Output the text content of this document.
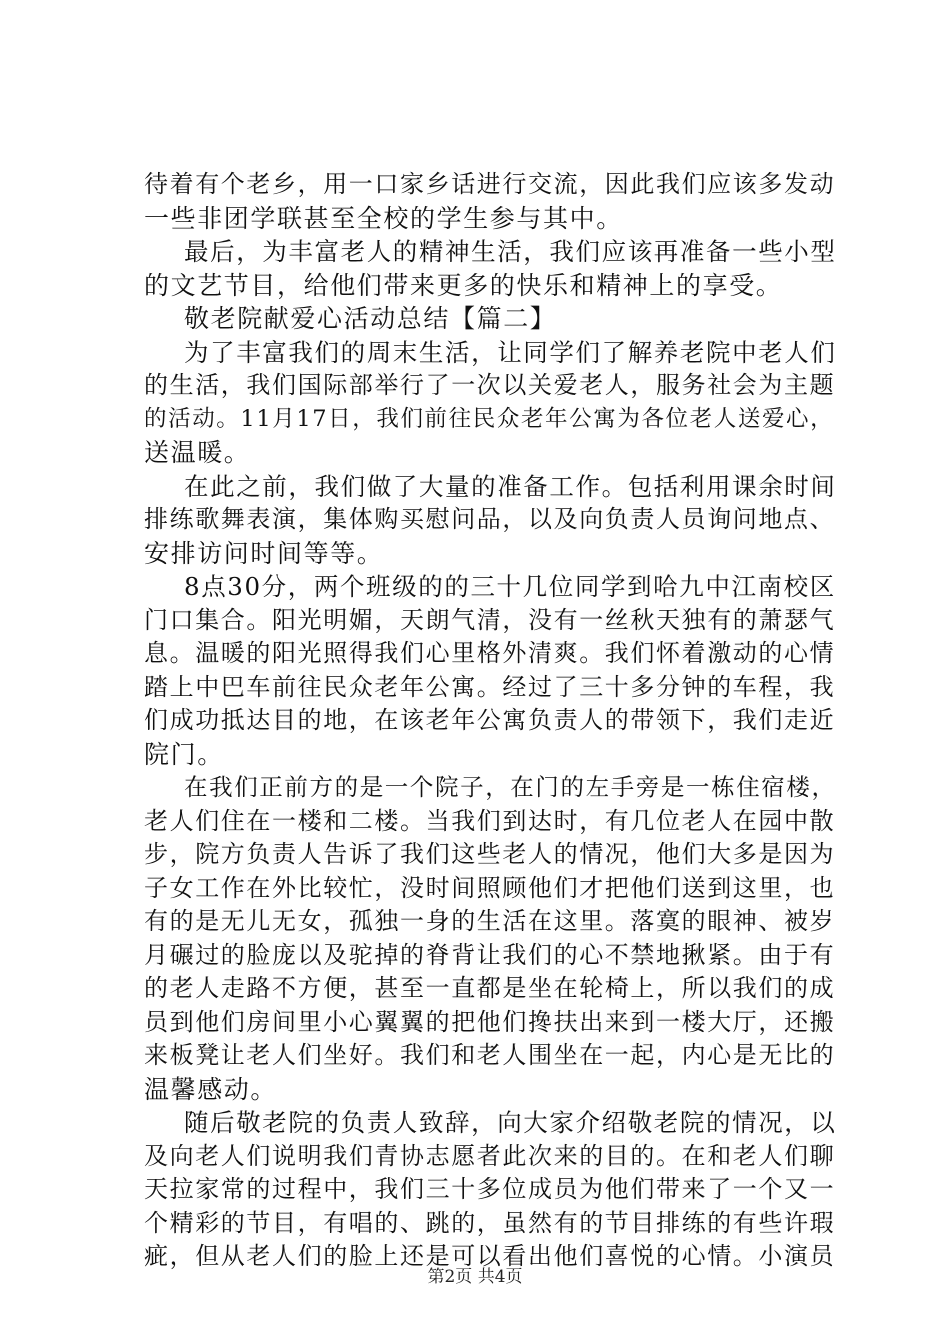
待着有个老乡，用一口家乡话进行交流，因此我们应该多发动
一些非团学联甚至全校的学生参与其中。
最后，为丰富老人的精神生活，我们应该再准备一些小型
的文艺节目，给他们带来更多的快乐和精神上的享受。
敬老院献爱心活动总结【篇二】
为了丰富我们的周末生活，让同学们了解养老院中老人们
的生活，我们国际部举行了一次以关爱老人，服务社会为主题
的活动。11月17日，我们前往民众老年公寓为各位老人送爱心，
送温暖。
在此之前，我们做了大量的准备工作。包括利用课余时间
排练歌舞表演，集体购买慰问品，以及向负责人员询问地点、
安排访问时间等等。
8点30分，两个班级的的三十几位同学到哈九中江南校区
门口集合。阳光明媚，天朗气清，没有一丝秋天独有的萧瑟气
息。温暖的阳光照得我们心里格外清爽。我们怀着激动的心情
踏上中巴车前往民众老年公寓。经过了三十多分钟的车程，我
们成功抵达目的地，在该老年公寓负责人的带领下，我们走近
院门。
在我们正前方的是一个院子，在门的左手旁是一栋住宿楼，
老人们住在一楼和二楼。当我们到达时，有几位老人在园中散
步，院方负责人告诉了我们这些老人的情况，他们大多是因为
子女工作在外比较忙，没时间照顾他们才把他们送到这里，也
有的是无儿无女，孤独一身的生活在这里。落寞的眼神、被岁
月碾过的脸庞以及驼掉的脊背让我们的心不禁地揪紧。由于有
的老人走路不方便，甚至一直都是坐在轮椅上，所以我们的成
员到他们房间里小心翼翼的把他们搀扶出来到一楼大厅，还搬
来板凳让老人们坐好。我们和老人围坐在一起，内心是无比的
温馨感动。
随后敬老院的负责人致辞，向大家介绍敬老院的情况，以
及向老人们说明我们青协志愿者此次来的目的。在和老人们聊
天拉家常的过程中，我们三十多位成员为他们带来了一个又一
个精彩的节目，有唱的、跳的，虽然有的节目排练的有些许瑕
疵，但从老人们的脸上还是可以看出他们喜悦的心情。小演员
第2页 共4页
